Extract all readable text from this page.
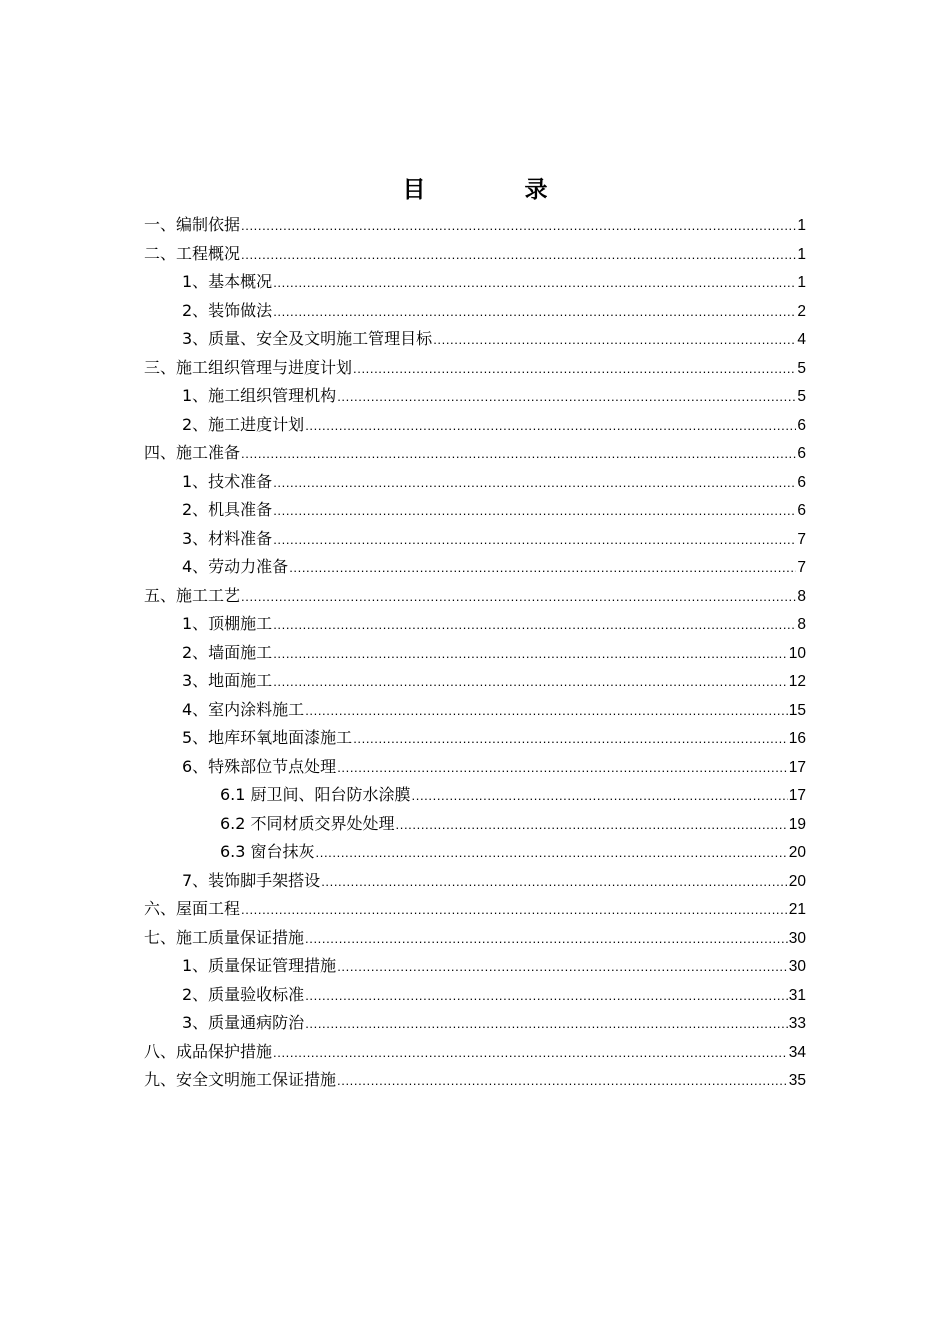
目　录
一、编制依据 .....	1
二、工程概况 .....	1
1、基本概况 .....	1
2、装饰做法 .....	2
3、质量、安全及文明施工管理目标 .....	4
三、施工组织管理与进度计划 .....	5
1、施工组织管理机构 .....	5
2、施工进度计划 .....	6
四、施工准备 .....	6
1、技术准备 .....	6
2、机具准备 .....	6
3、材料准备 .....	7
4、劳动力准备 .....	7
五、施工工艺 .....	8
1、顶棚施工 .....	8
2、墙面施工 .....	10
3、地面施工 .....	12
4、室内涂料施工 .....	15
5、地库环氧地面漆施工 .....	16
6、特殊部位节点处理 .....	17
6.1 厨卫间、阳台防水涂膜 .....	17
6.2 不同材质交界处处理 .....	19
6.3 窗台抹灰 .....	20
7、装饰脚手架搭设 .....	20
六、屋面工程 .....	21
七、施工质量保证措施 .....	30
1、质量保证管理措施 .....	30
2、质量验收标准 .....	31
3、质量通病防治 .....	33
八、成品保护措施 .....	34
九、安全文明施工保证措施 .....	35
